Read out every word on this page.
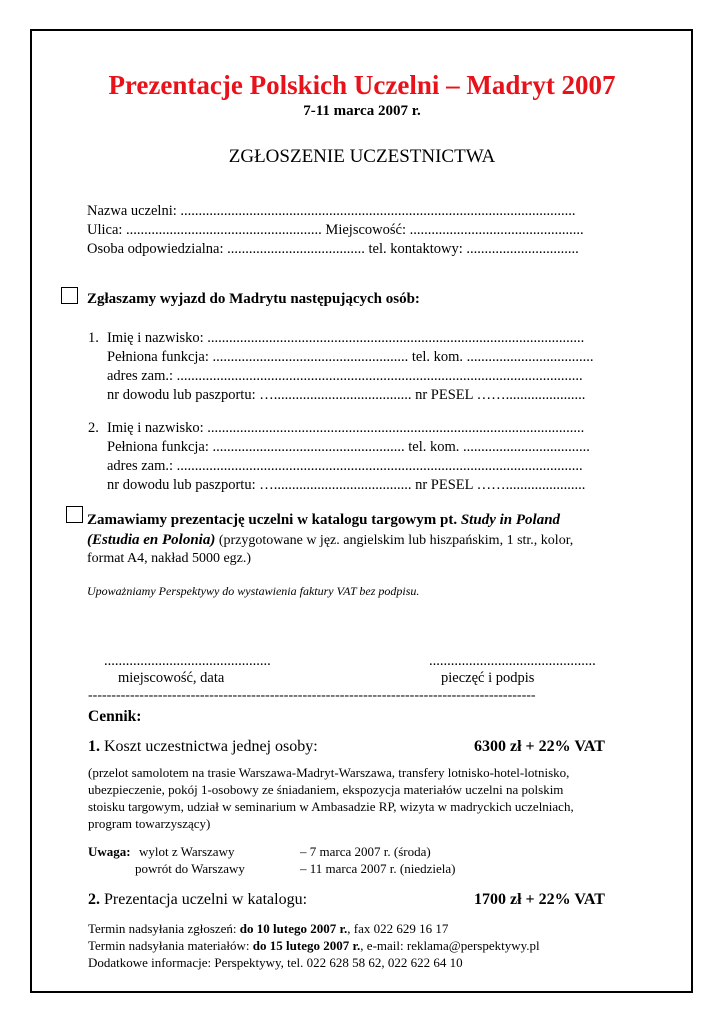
Prezentacje Polskich Uczelni – Madryt 2007
7-11 marca 2007 r.
ZGŁOSZENIE UCZESTNICTWA
Nazwa uczelni: .............................................................................................................
Ulica: ...................................................... Miejscowość: ................................................
Osoba odpowiedzialna: ...................................... tel. kontaktowy: ...............................
Zgłaszamy wyjazd do Madrytu następujących osób:
1. Imię i nazwisko: ........................................................................................................
Pełniona funkcja: ...................................................... tel. kom. ...................................
adres zam.: ................................................................................................................
nr dowodu lub paszportu: …...................................... nr PESEL ……......................
2. Imię i nazwisko: ........................................................................................................
Pełniona funkcja: ..................................................... tel. kom. ...................................
adres zam.: ................................................................................................................
nr dowodu lub paszportu: …...................................... nr PESEL ……......................
Zamawiamy prezentację uczelni w katalogu targowym pt. Study in Poland
(Estudia en Polonia) (przygotowane w jęz. angielskim lub hiszpańskim, 1 str., kolor,
format A4, nakład 5000 egz.)
Upoważniamy Perspektywy do wystawienia faktury VAT bez podpisu.
..............................................
miejscowość, data
..............................................
pieczęć i podpis
------------------------------------------------------------------------------------------------
Cennik:
1. Koszt uczestnictwa jednej osoby:	6300 zł + 22% VAT
(przelot samolotem na trasie Warszawa-Madryt-Warszawa, transfery lotnisko-hotel-lotnisko,
ubezpieczenie, pokój 1-osobowy ze śniadaniem, ekspozycja materiałów uczelni na polskim
stoisku targowym, udział w seminarium w Ambasadzie RP, wizyta w madryckich uczelniach,
program towarzyszący)
Uwaga: wylot z Warszawy	– 7 marca 2007 r. (środa)
powrót do Warszawy	– 11 marca 2007 r. (niedziela)
2. Prezentacja uczelni w katalogu:	1700 zł + 22% VAT
Termin nadsyłania zgłoszeń: do 10 lutego 2007 r., fax 022 629 16 17
Termin nadsyłania materiałów: do 15 lutego 2007 r., e-mail: reklama@perspektywy.pl
Dodatkowe informacje: Perspektywy, tel. 022 628 58 62, 022 622 64 10
